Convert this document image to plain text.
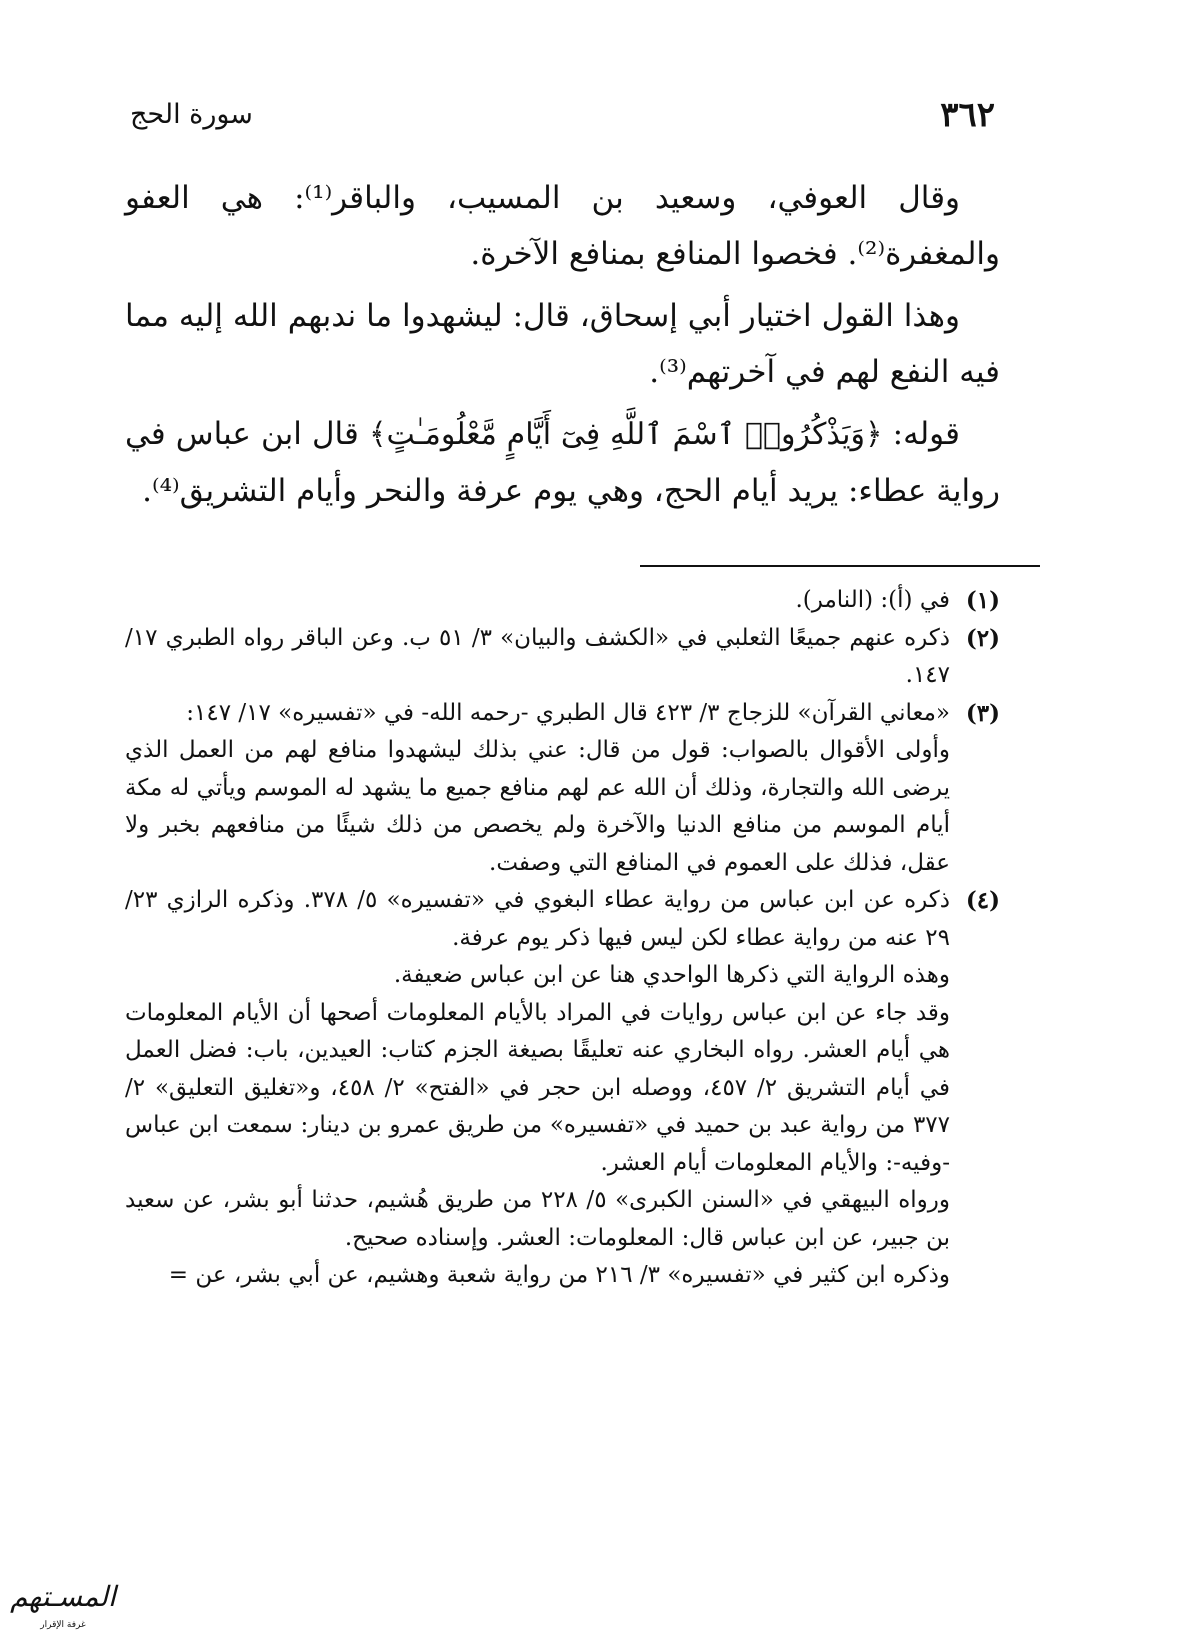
٣٦٢
سورة الحج

وقال العوفي، وسعيد بن المسيب، والباقر⁽¹⁾: هي العفو والمغفرة⁽²⁾. فخصوا المنافع بمنافع الآخرة.

وهذا القول اختيار أبي إسحاق، قال: ليشهدوا ما ندبهم الله إليه مما فيه النفع لهم في آخرتهم⁽³⁾.

قوله: ﴿وَيَذْكُرُوا۟ ٱسْمَ ٱللَّهِ فِىٓ أَيَّامٍ مَّعْلُومَـٰتٍ﴾ قال ابن عباس في رواية عطاء: يريد أيام الحج، وهي يوم عرفة والنحر وأيام التشريق⁽⁴⁾.

(١)
في (أ): (النامر).
(٢)
ذكره عنهم جميعًا الثعلبي في «الكشف والبيان» ٣/ ٥١ ب. وعن الباقر رواه الطبري ١٧/ ١٤٧.
(٣)
«معاني القرآن» للزجاج ٣/ ٤٢٣ قال الطبري -رحمه الله- في «تفسيره» ١٧/ ١٤٧:
وأولى الأقوال بالصواب: قول من قال: عني بذلك ليشهدوا منافع لهم من العمل الذي يرضى الله والتجارة، وذلك أن الله عم لهم منافع جميع ما يشهد له الموسم ويأتي له مكة أيام الموسم من منافع الدنيا والآخرة ولم يخصص من ذلك شيئًا من منافعهم بخبر ولا عقل، فذلك على العموم في المنافع التي وصفت.
(٤)
ذكره عن ابن عباس من رواية عطاء البغوي في «تفسيره» ٥/ ٣٧٨. وذكره الرازي ٢٣/ ٢٩ عنه من رواية عطاء لكن ليس فيها ذكر يوم عرفة.
وهذه الرواية التي ذكرها الواحدي هنا عن ابن عباس ضعيفة.
وقد جاء عن ابن عباس روايات في المراد بالأيام المعلومات أصحها أن الأيام المعلومات هي أيام العشر. رواه البخاري عنه تعليقًا بصيغة الجزم كتاب: العيدين، باب: فضل العمل في أيام التشريق ٢/ ٤٥٧، ووصله ابن حجر في «الفتح» ٢/ ٤٥٨، و«تغليق التعليق» ٢/ ٣٧٧ من رواية عبد بن حميد في «تفسيره» من طريق عمرو بن دينار: سمعت ابن عباس -وفيه-: والأيام المعلومات أيام العشر.
ورواه البيهقي في «السنن الكبرى» ٥/ ٢٢٨ من طريق هُشيم، حدثنا أبو بشر، عن سعيد بن جبير، عن ابن عباس قال: المعلومات: العشر. وإسناده صحيح.
وذكره ابن كثير في «تفسيره» ٣/ ٢١٦ من رواية شعبة وهشيم، عن أبي بشر، عن =
المسـتهم
غرفة الإقرار
